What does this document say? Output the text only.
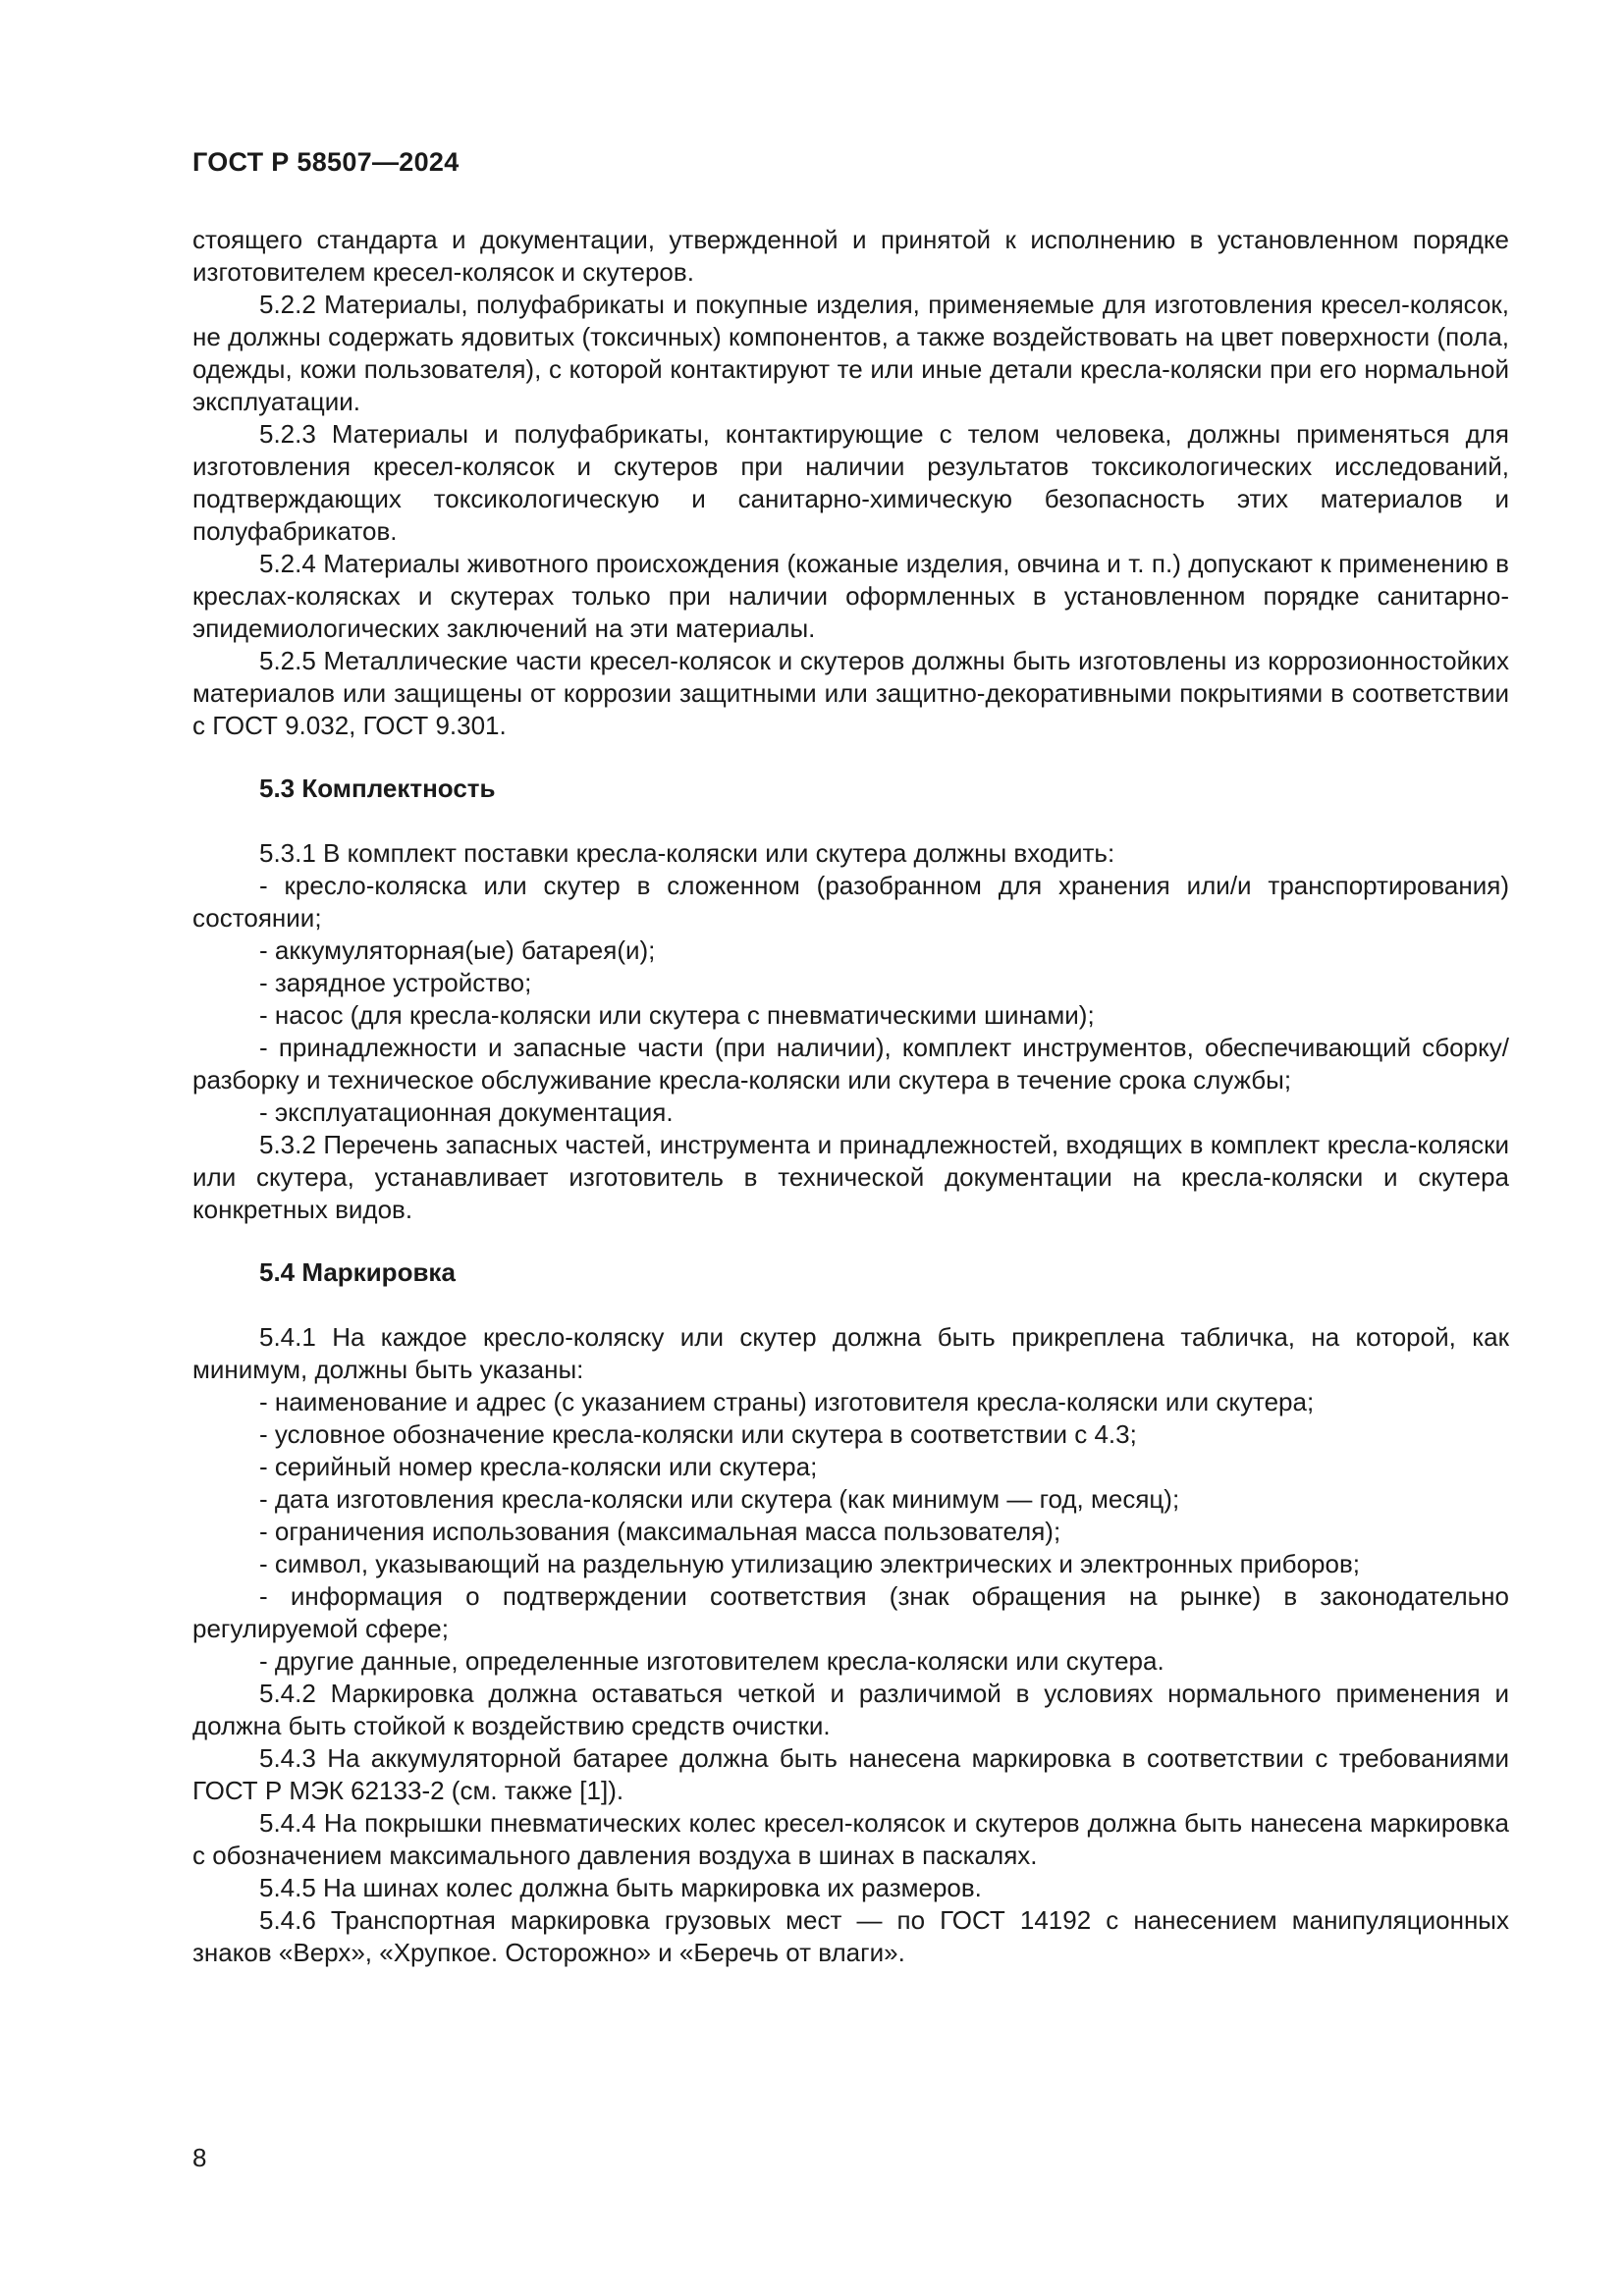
ГОСТ Р 58507—2024

стоящего стандарта и документации, утвержденной и принятой к исполнению в установленном порядке изготовителем кресел-колясок и скутеров.

5.2.2 Материалы, полуфабрикаты и покупные изделия, применяемые для изготовления кресел-колясок, не должны содержать ядовитых (токсичных) компонентов, а также воздействовать на цвет поверхности (пола, одежды, кожи пользователя), с которой контактируют те или иные детали кресла-коляски при его нормальной эксплуатации.

5.2.3 Материалы и полуфабрикаты, контактирующие с телом человека, должны применяться для изготовления кресел-колясок и скутеров при наличии результатов токсикологических исследований, подтверждающих токсикологическую и санитарно-химическую безопасность этих материалов и полуфабрикатов.

5.2.4 Материалы животного происхождения (кожаные изделия, овчина и т. п.) допускают к применению в креслах-колясках и скутерах только при наличии оформленных в установленном порядке санитарно-эпидемиологических заключений на эти материалы.

5.2.5 Металлические части кресел-колясок и скутеров должны быть изготовлены из коррозионностойких материалов или защищены от коррозии защитными или защитно-декоративными покрытиями в соответствии с ГОСТ 9.032, ГОСТ 9.301.

5.3 Комплектность

5.3.1 В комплект поставки кресла-коляски или скутера должны входить:

- кресло-коляска или скутер в сложенном (разобранном для хранения или/и транспортирования) состоянии;
- аккумуляторная(ые) батарея(и);
- зарядное устройство;
- насос (для кресла-коляски или скутера с пневматическими шинами);
- принадлежности и запасные части (при наличии), комплект инструментов, обеспечивающий сборку/разборку и техническое обслуживание кресла-коляски или скутера в течение срока службы;
- эксплуатационная документация.

5.3.2 Перечень запасных частей, инструмента и принадлежностей, входящих в комплект кресла-коляски или скутера, устанавливает изготовитель в технической документации на кресла-коляски и скутера конкретных видов.

5.4 Маркировка

5.4.1 На каждое кресло-коляску или скутер должна быть прикреплена табличка, на которой, как минимум, должны быть указаны:

- наименование и адрес (с указанием страны) изготовителя кресла-коляски или скутера;
- условное обозначение кресла-коляски или скутера в соответствии с 4.3;
- серийный номер кресла-коляски или скутера;
- дата изготовления кресла-коляски или скутера (как минимум — год, месяц);
- ограничения использования (максимальная масса пользователя);
- символ, указывающий на раздельную утилизацию электрических и электронных приборов;
- информация о подтверждении соответствия (знак обращения на рынке) в законодательно регулируемой сфере;
- другие данные, определенные изготовителем кресла-коляски или скутера.

5.4.2 Маркировка должна оставаться четкой и различимой в условиях нормального применения и должна быть стойкой к воздействию средств очистки.

5.4.3 На аккумуляторной батарее должна быть нанесена маркировка в соответствии с требованиями ГОСТ Р МЭК 62133-2 (см. также [1]).

5.4.4 На покрышки пневматических колес кресел-колясок и скутеров должна быть нанесена маркировка с обозначением максимального давления воздуха в шинах в паскалях.

5.4.5 На шинах колес должна быть маркировка их размеров.

5.4.6 Транспортная маркировка грузовых мест — по ГОСТ 14192 с нанесением манипуляционных знаков «Верх», «Хрупкое. Осторожно» и «Беречь от влаги».

8
